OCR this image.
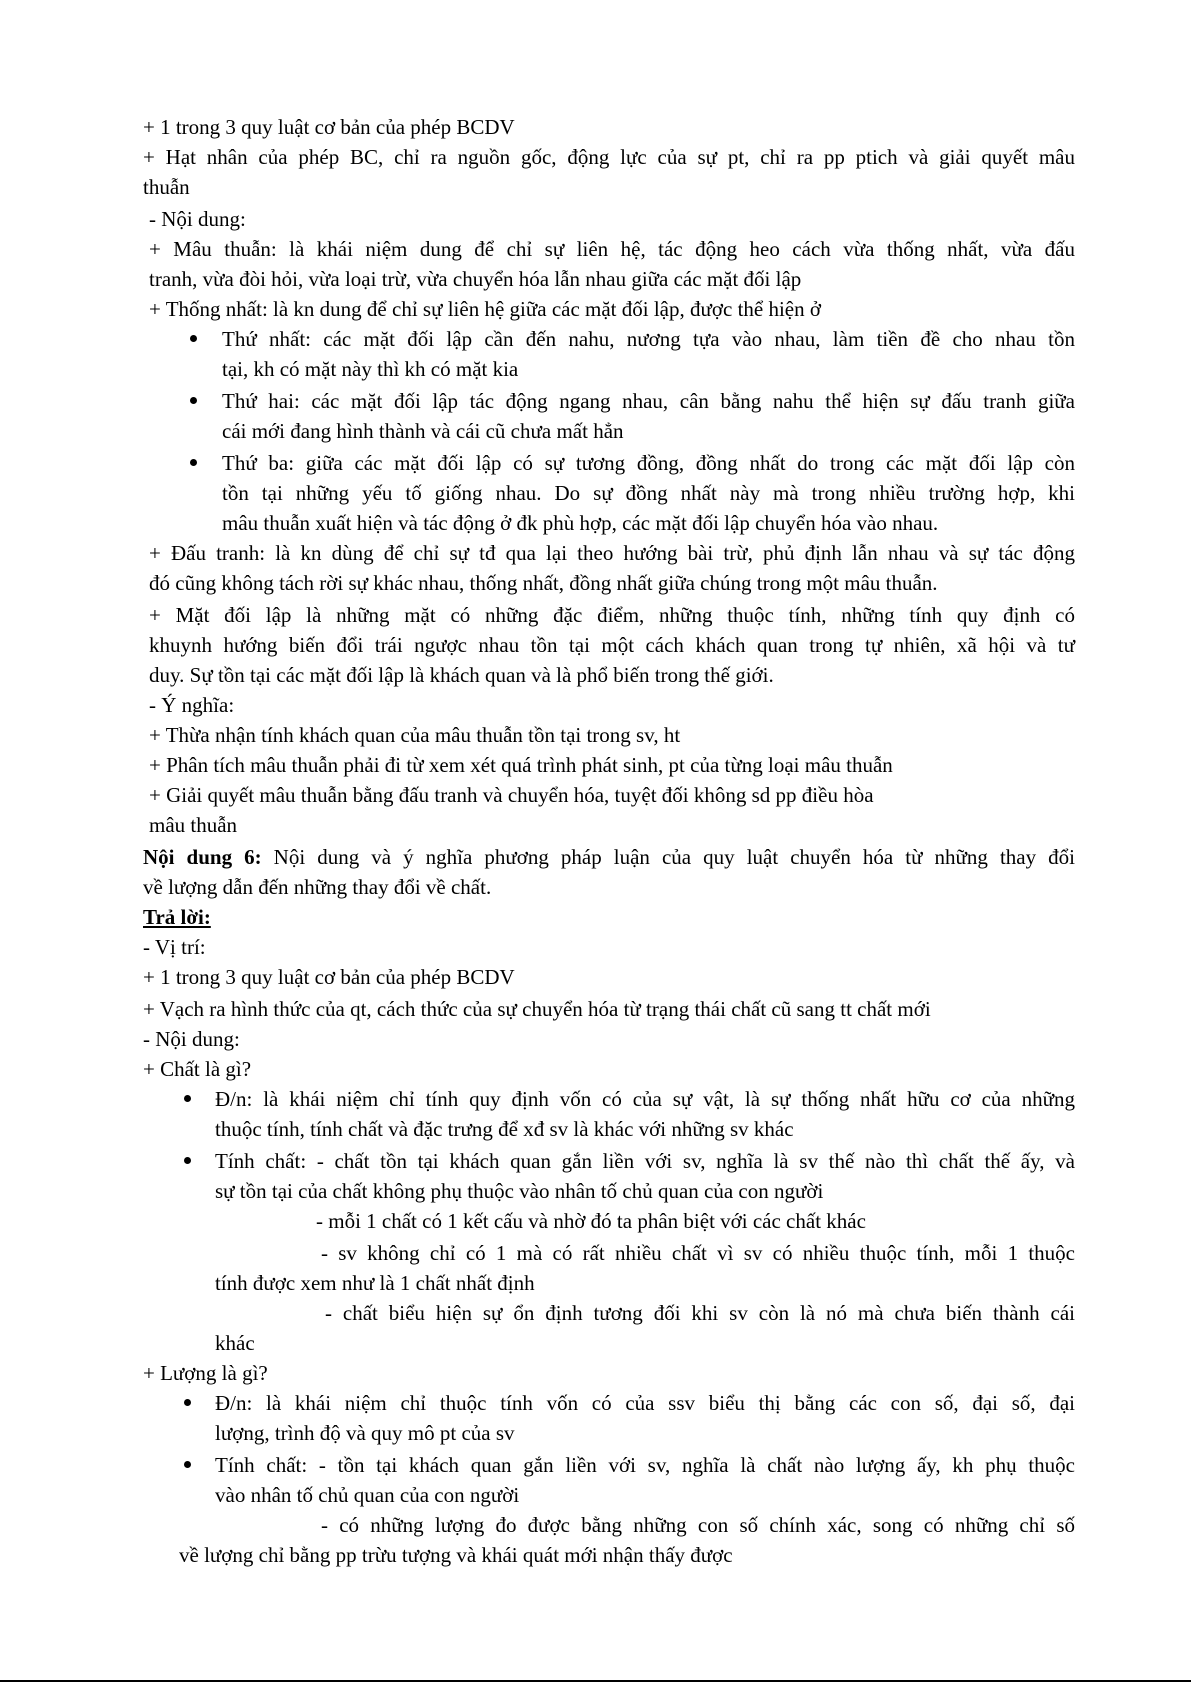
+ 1 trong 3 quy luật cơ bản của phép BCDV
+ Hạt nhân của phép BC, chỉ ra nguồn gốc, động lực của sự pt, chỉ ra pp ptich và giải quyết mâu
thuẫn
- Nội dung:
+ Mâu thuẫn: là khái niệm dung để chỉ sự liên hệ, tác động heo cách vừa thống nhất, vừa đấu
tranh, vừa đòi hỏi, vừa loại trừ, vừa chuyển hóa lẫn nhau giữa các mặt đối lập
+ Thống nhất: là kn dung để chỉ sự liên hệ giữa các mặt đối lập, được thể hiện ở
Thứ nhất: các mặt đối lập cần đến nahu, nương tựa vào nhau, làm tiền đề cho nhau tồn
tại, kh có mặt này thì kh có mặt kia
Thứ hai: các mặt đối lập tác động ngang nhau, cân bằng nahu thể hiện sự đấu tranh giữa
cái mới đang hình thành và cái cũ chưa mất hẳn
Thứ ba: giữa các mặt đối lập có sự tương đồng, đồng nhất do trong các mặt đối lập còn
tồn tại những yếu tố giống nhau. Do sự đồng nhất này mà trong nhiều trường hợp, khi
mâu thuẫn xuất hiện và tác động ở đk phù hợp, các mặt đối lập chuyển hóa vào nhau.
+ Đấu tranh: là kn dùng để chỉ sự tđ qua lại theo hướng bài trừ, phủ định lẫn nhau và sự tác động
đó cũng không tách rời sự khác nhau, thống nhất, đồng nhất giữa chúng trong một mâu thuẫn.
+ Mặt đối lập là những mặt có những đặc điểm, những thuộc tính, những tính quy định có
khuynh hướng biến đổi trái ngược nhau tồn tại một cách khách quan trong tự nhiên, xã hội và tư
duy. Sự tồn tại các mặt đối lập là khách quan và là phổ biến trong thế giới.
- Ý nghĩa:
+ Thừa nhận tính khách quan của mâu thuẫn tồn tại trong sv, ht
+ Phân tích mâu thuẫn phải đi từ xem xét quá trình phát sinh, pt của từng loại mâu thuẫn
+ Giải quyết mâu thuẫn bằng đấu tranh và chuyển hóa, tuyệt đối không sd pp điều hòa
mâu thuẫn
Nội dung 6: Nội dung và ý nghĩa phương pháp luận của quy luật chuyển hóa từ những thay đổi
về lượng dẫn đến những thay đổi về chất.
Trả lời:
- Vị trí:
+ 1 trong 3 quy luật cơ bản của phép BCDV
+ Vạch ra hình thức của qt, cách thức của sự chuyển hóa từ trạng thái chất cũ sang tt chất mới
- Nội dung:
+ Chất là gì?
Đ/n: là khái niệm chỉ tính quy định vốn có của sự vật, là sự thống nhất hữu cơ của những
thuộc tính, tính chất và đặc trưng để xđ sv là khác với những sv khác
Tính chất: - chất tồn tại khách quan gắn liền với sv, nghĩa là sv thế nào thì chất thế ấy, và
sự tồn tại của chất không phụ thuộc vào nhân tố chủ quan của con người
- mỗi 1 chất có 1 kết cấu và nhờ đó ta phân biệt với các chất khác
- sv không chỉ có 1 mà có rất nhiều chất vì sv có nhiều thuộc tính, mỗi 1 thuộc
tính được xem như là 1 chất nhất định
- chất biểu hiện sự ổn định tương đối khi sv còn là nó mà chưa biến thành cái
khác
+ Lượng là gì?
Đ/n: là khái niệm chỉ thuộc tính vốn có của ssv biểu thị bằng các con số, đại số, đại
lượng, trình độ và quy mô pt của sv
Tính chất: - tồn tại khách quan gắn liền với sv, nghĩa là chất nào lượng ấy, kh phụ thuộc
vào nhân tố chủ quan của con người
- có những lượng đo được bằng những con số chính xác, song có những chỉ số
về lượng chỉ bằng pp trừu tượng và khái quát mới nhận thấy được
